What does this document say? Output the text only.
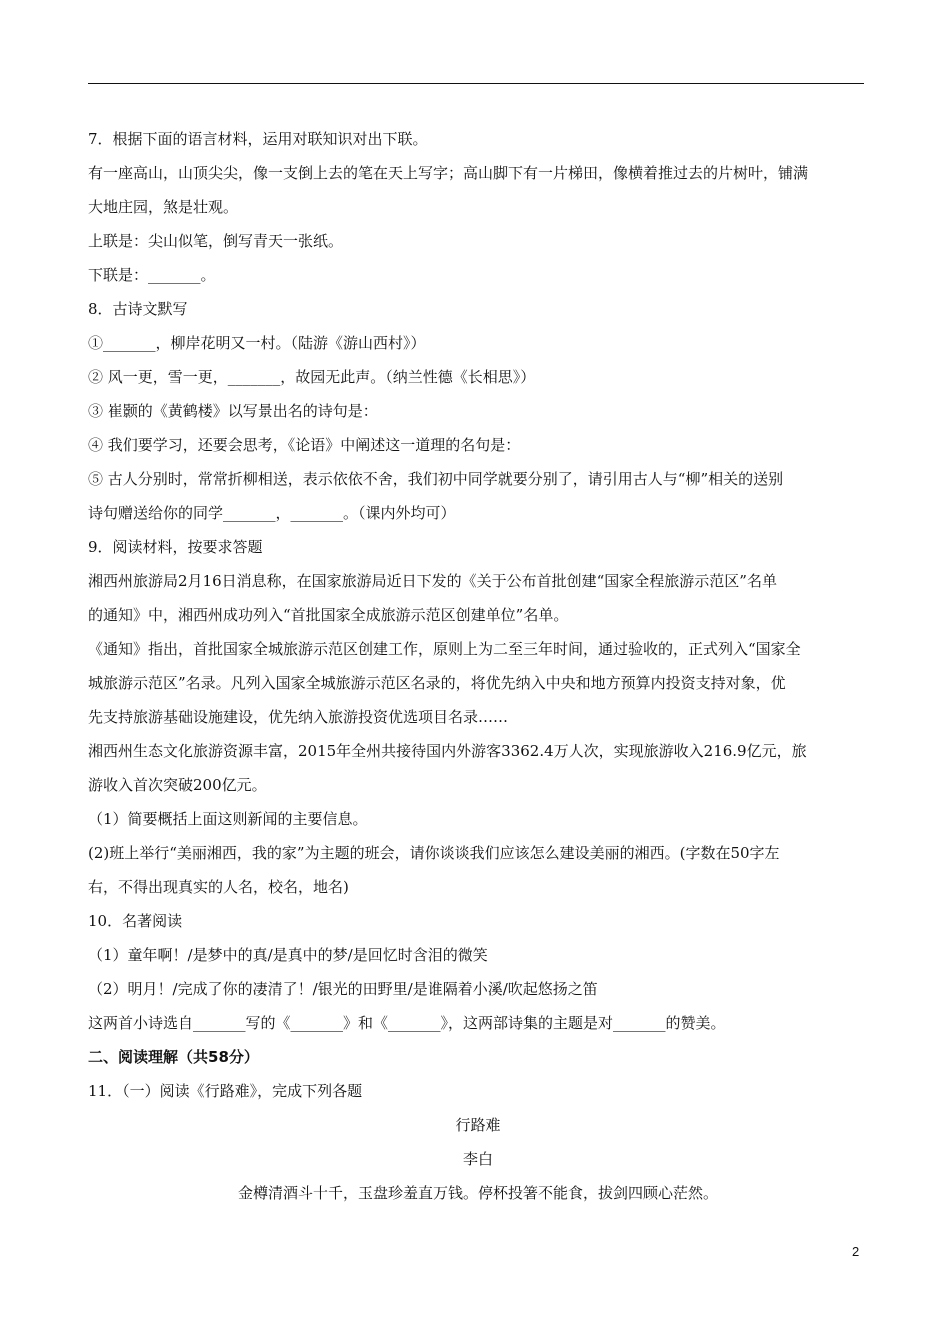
7．根据下面的语言材料，运用对联知识对出下联。
有一座高山，山顶尖尖，像一支倒上去的笔在天上写字；高山脚下有一片梯田，像横着推过去的片树叶，铺满
大地庄园，煞是壮观。
上联是：尖山似笔，倒写青天一张纸。
下联是：_______。
8．古诗文默写
①_______，柳岸花明又一村。（陆游《游山西村》）
② 风一更，雪一更，_______，故园无此声。（纳兰性德《长相思》）
③ 崔颢的《黄鹤楼》以写景出名的诗句是：
④ 我们要学习，还要会思考，《论语》中阐述这一道理的名句是：
⑤ 古人分别时，常常折柳相送，表示依依不舍，我们初中同学就要分别了，请引用古人与“柳”相关的送别
诗句赠送给你的同学_______，_______。（课内外均可）
9．阅读材料，按要求答题
湘西州旅游局2月16日消息称，在国家旅游局近日下发的《关于公布首批创建“国家全程旅游示范区”名单
的通知》中，湘西州成功列入“首批国家全成旅游示范区创建单位”名单。
《通知》指出，首批国家全城旅游示范区创建工作，原则上为二至三年时间，通过验收的，正式列入“国家全
城旅游示范区”名录。凡列入国家全城旅游示范区名录的，将优先纳入中央和地方预算内投资支持对象，优
先支持旅游基础设施建设，优先纳入旅游投资优选项目名录……
湘西州生态文化旅游资源丰富，2015年全州共接待国内外游客3362.4万人次，实现旅游收入216.9亿元，旅
游收入首次突破200亿元。
（1）简要概括上面这则新闻的主要信息。
(2)班上举行“美丽湘西，我的家”为主题的班会，请你谈谈我们应该怎么建设美丽的湘西。(字数在50字左
右，不得出现真实的人名，校名，地名)
10．名著阅读
（1）童年啊！/是梦中的真/是真中的梦/是回忆时含泪的微笑
（2）明月！/完成了你的凄清了！/银光的田野里/是谁隔着小溪/吹起悠扬之笛
这两首小诗选自_______写的《_______》和《_______》，这两部诗集的主题是对_______的赞美。
二、阅读理解（共58分）
11．（一）阅读《行路难》，完成下列各题
行路难
李白
金樽清酒斗十千，玉盘珍羞直万钱。停杯投箸不能食，拔剑四顾心茫然。
2
